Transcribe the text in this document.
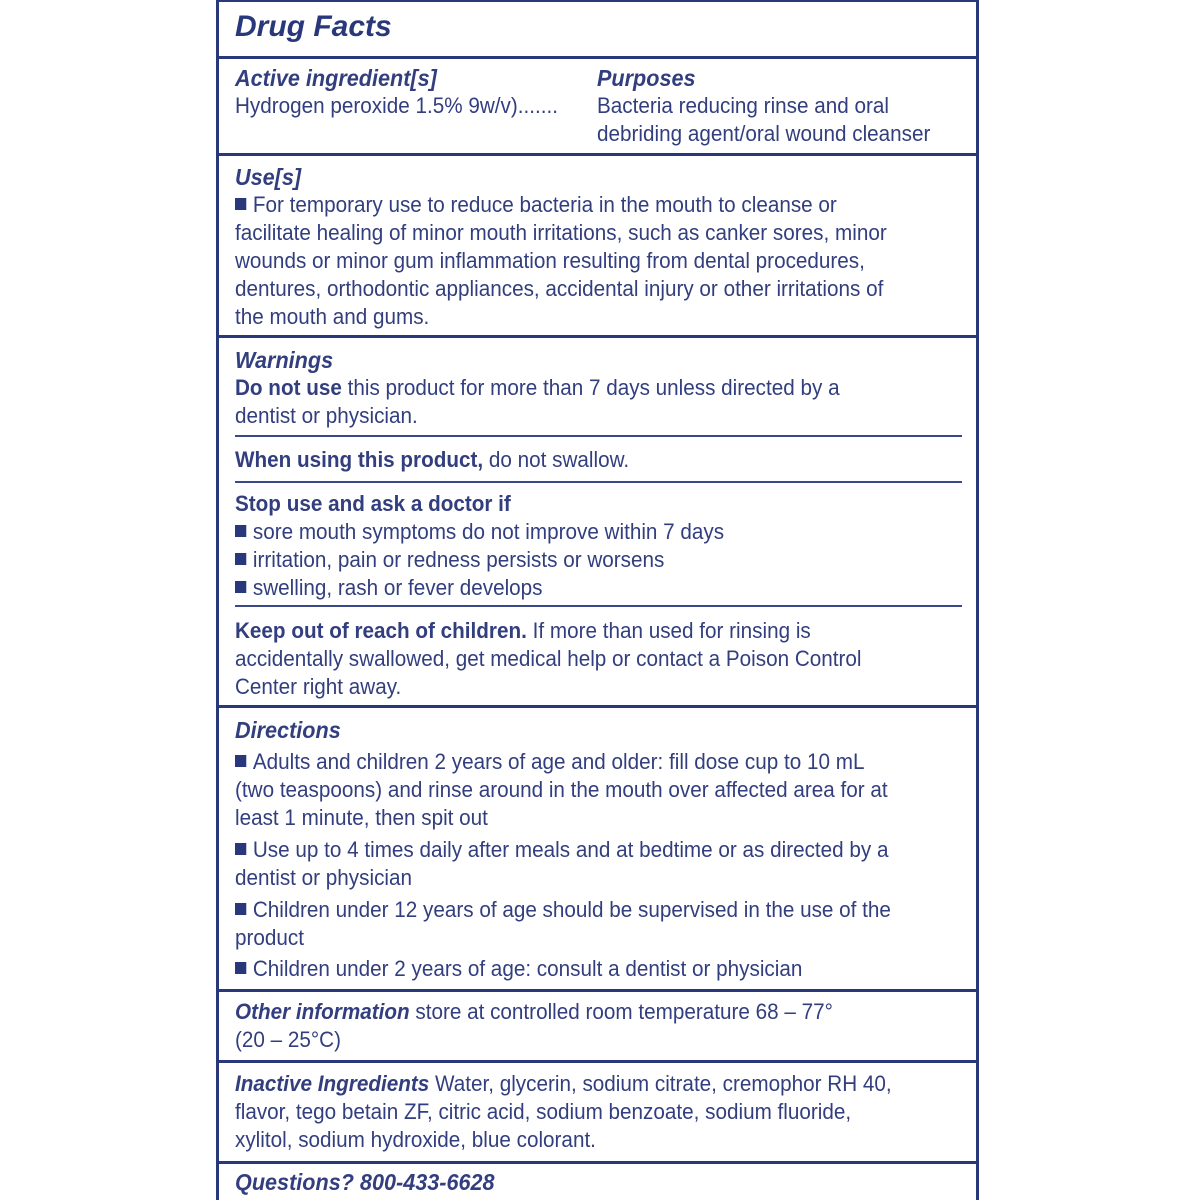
Drug Facts
Active ingredient[s]	Purposes
Hydrogen peroxide 1.5% 9w/v)....... Bacteria reducing rinse and oral
debriding agent/oral wound cleanser
Use[s]
For temporary use to reduce bacteria in the mouth to cleanse or
facilitate healing of minor mouth irritations, such as canker sores, minor
wounds or minor gum inflammation resulting from dental procedures,
dentures, orthodontic appliances, accidental injury or other irritations of
the mouth and gums.
Warnings
Do not use this product for more than 7 days unless directed by a
dentist or physician.
When using this product, do not swallow.
Stop use and ask a doctor if
sore mouth symptoms do not improve within 7 days
irritation, pain or redness persists or worsens
swelling, rash or fever develops
Keep out of reach of children. If more than used for rinsing is
accidentally swallowed, get medical help or contact a Poison Control
Center right away.
Directions
Adults and children 2 years of age and older: fill dose cup to 10 mL
(two teaspoons) and rinse around in the mouth over affected area for at
least 1 minute, then spit out
Use up to 4 times daily after meals and at bedtime or as directed by a
dentist or physician
Children under 12 years of age should be supervised in the use of the
product
Children under 2 years of age: consult a dentist or physician
Other information store at controlled room temperature 68 – 77°
(20 – 25°C)
Inactive Ingredients Water, glycerin, sodium citrate, cremophor RH 40,
flavor, tego betain ZF, citric acid, sodium benzoate, sodium fluoride,
xylitol, sodium hydroxide, blue colorant.
Questions? 800-433-6628
